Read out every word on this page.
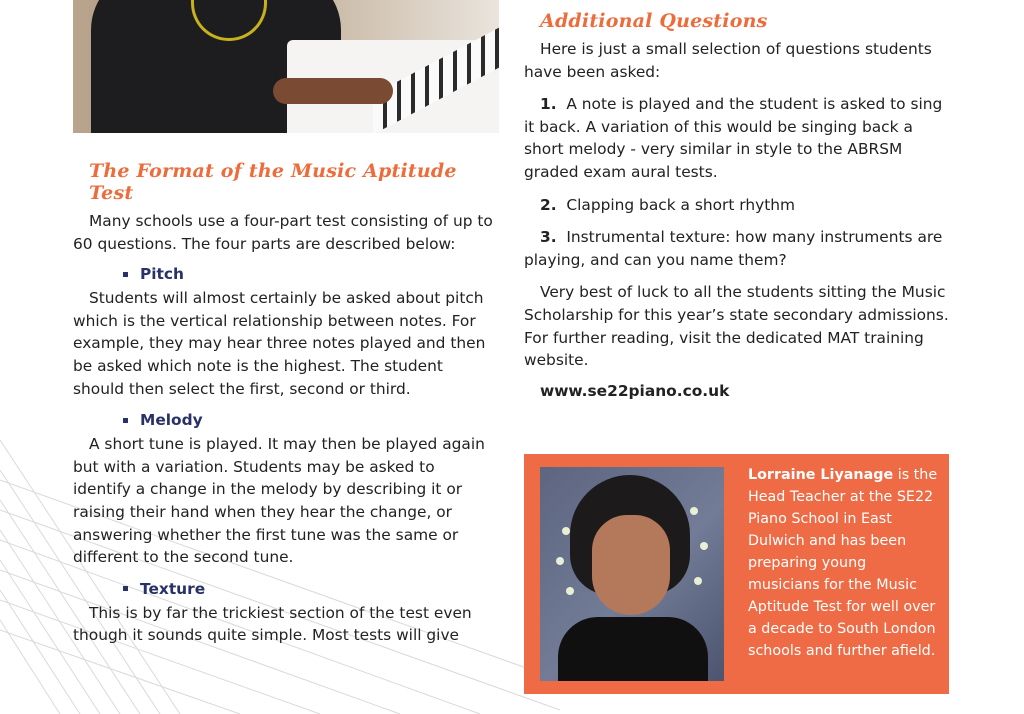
The Format of the Music Aptitude Test

Many schools use a four-part test consisting of up to 60 questions. The four parts are described below:

Pitch

Students will almost certainly be asked about pitch which is the vertical relationship between notes. For example, they may hear three notes played and then be asked which note is the highest. The student should then select the first, second or third.

Melody

A short tune is played. It may then be played again but with a variation. Students may be asked to identify a change in the melody by describing it or raising their hand when they hear the change, or answering whether the first tune was the same or different to the second tune.

Texture

This is by far the trickiest section of the test even though it sounds quite simple. Most tests will give

Additional Questions

Here is just a small selection of questions students have been asked:

1. A note is played and the student is asked to sing it back. A variation of this would be singing back a short melody - very similar in style to the ABRSM graded exam aural tests.

2. Clapping back a short rhythm

3. Instrumental texture: how many instruments are playing, and can you name them?

Very best of luck to all the students sitting the Music Scholarship for this year’s state secondary admissions. For further reading, visit the dedicated MAT training website.

www.se22piano.co.uk

Lorraine Liyanage is the Head Teacher at the SE22 Piano School in East Dulwich and has been preparing young musicians for the Music Aptitude Test for well over a decade to South London schools and further afield.
